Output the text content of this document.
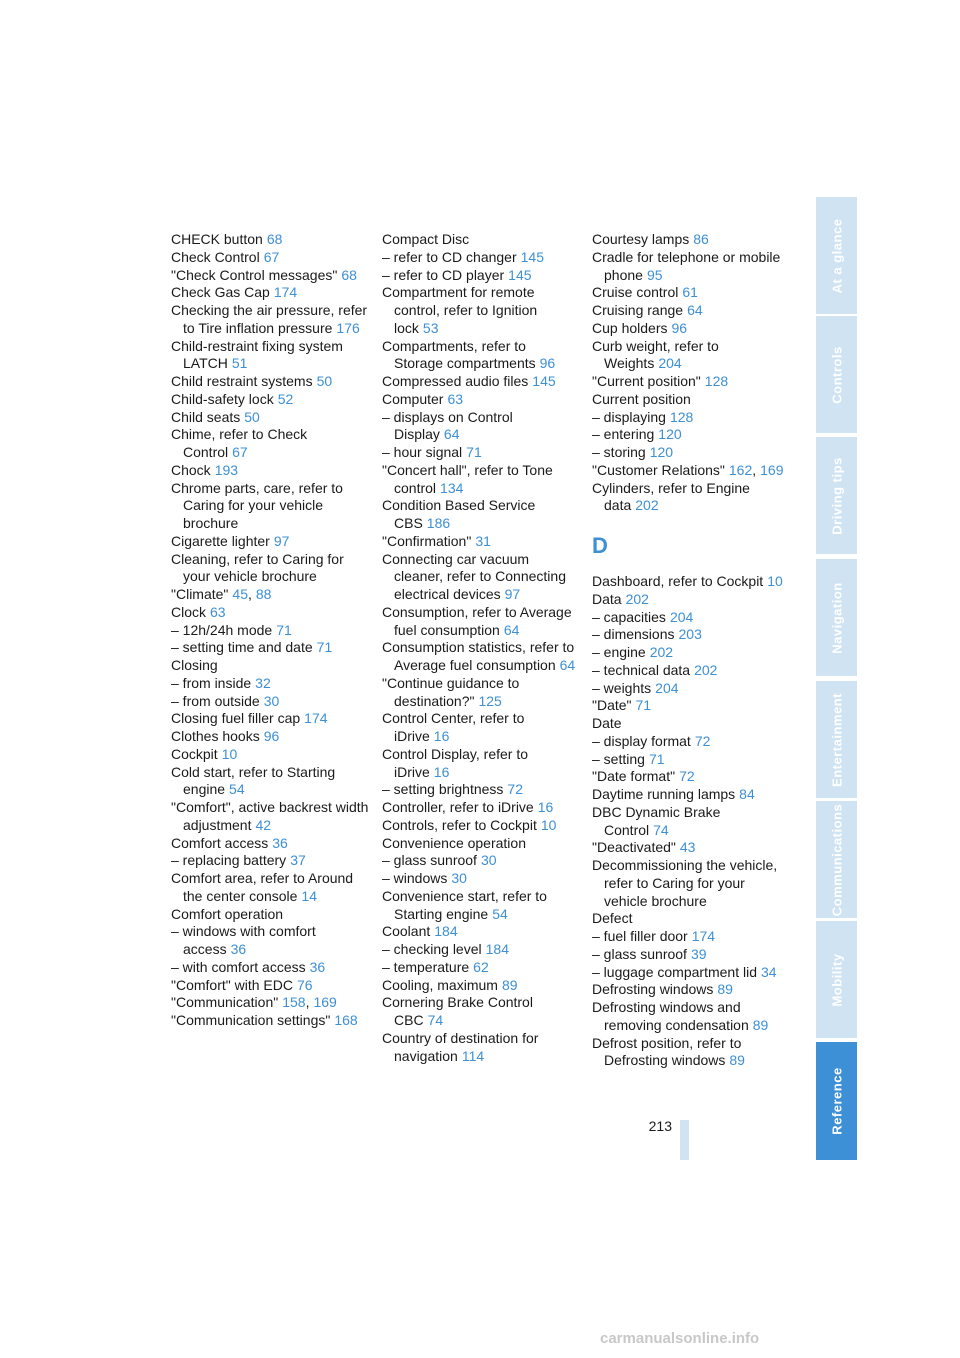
CHECK button 68
Check Control 67
"Check Control messages" 68
Check Gas Cap 174
Checking the air pressure, refer to Tire inflation pressure 176
Child-restraint fixing system LATCH 51
Child restraint systems 50
Child-safety lock 52
Child seats 50
Chime, refer to Check Control 67
Chock 193
Chrome parts, care, refer to Caring for your vehicle brochure
Cigarette lighter 97
Cleaning, refer to Caring for your vehicle brochure
"Climate" 45, 88
Clock 63
– 12h/24h mode 71
– setting time and date 71
Closing
– from inside 32
– from outside 30
Closing fuel filler cap 174
Clothes hooks 96
Cockpit 10
Cold start, refer to Starting engine 54
"Comfort", active backrest width adjustment 42
Comfort access 36
– replacing battery 37
Comfort area, refer to Around the center console 14
Comfort operation
– windows with comfort access 36
– with comfort access 36
"Comfort" with EDC 76
"Communication" 158, 169
"Communication settings" 168
Compact Disc
– refer to CD changer 145
– refer to CD player 145
Compartment for remote control, refer to Ignition lock 53
Compartments, refer to Storage compartments 96
Compressed audio files 145
Computer 63
– displays on Control Display 64
– hour signal 71
"Concert hall", refer to Tone control 134
Condition Based Service CBS 186
"Confirmation" 31
Connecting car vacuum cleaner, refer to Connecting electrical devices 97
Consumption, refer to Average fuel consumption 64
Consumption statistics, refer to Average fuel consumption 64
"Continue guidance to destination?" 125
Control Center, refer to iDrive 16
Control Display, refer to iDrive 16
– setting brightness 72
Controller, refer to iDrive 16
Controls, refer to Cockpit 10
Convenience operation
– glass sunroof 30
– windows 30
Convenience start, refer to Starting engine 54
Coolant 184
– checking level 184
– temperature 62
Cooling, maximum 89
Cornering Brake Control CBC 74
Country of destination for navigation 114
Courtesy lamps 86
Cradle for telephone or mobile phone 95
Cruise control 61
Cruising range 64
Cup holders 96
Curb weight, refer to Weights 204
"Current position" 128
Current position
– displaying 128
– entering 120
– storing 120
"Customer Relations" 162, 169
Cylinders, refer to Engine data 202
D
Dashboard, refer to Cockpit 10
Data 202
– capacities 204
– dimensions 203
– engine 202
– technical data 202
– weights 204
"Date" 71
Date
– display format 72
– setting 71
"Date format" 72
Daytime running lamps 84
DBC Dynamic Brake Control 74
"Deactivated" 43
Decommissioning the vehicle, refer to Caring for your vehicle brochure
Defect
– fuel filler door 174
– glass sunroof 39
– luggage compartment lid 34
Defrosting windows 89
Defrosting windows and removing condensation 89
Defrost position, refer to Defrosting windows 89
At a glance
Controls
Driving tips
Navigation
Entertainment
Communications
Mobility
Reference
213
carmanualsonline.info
